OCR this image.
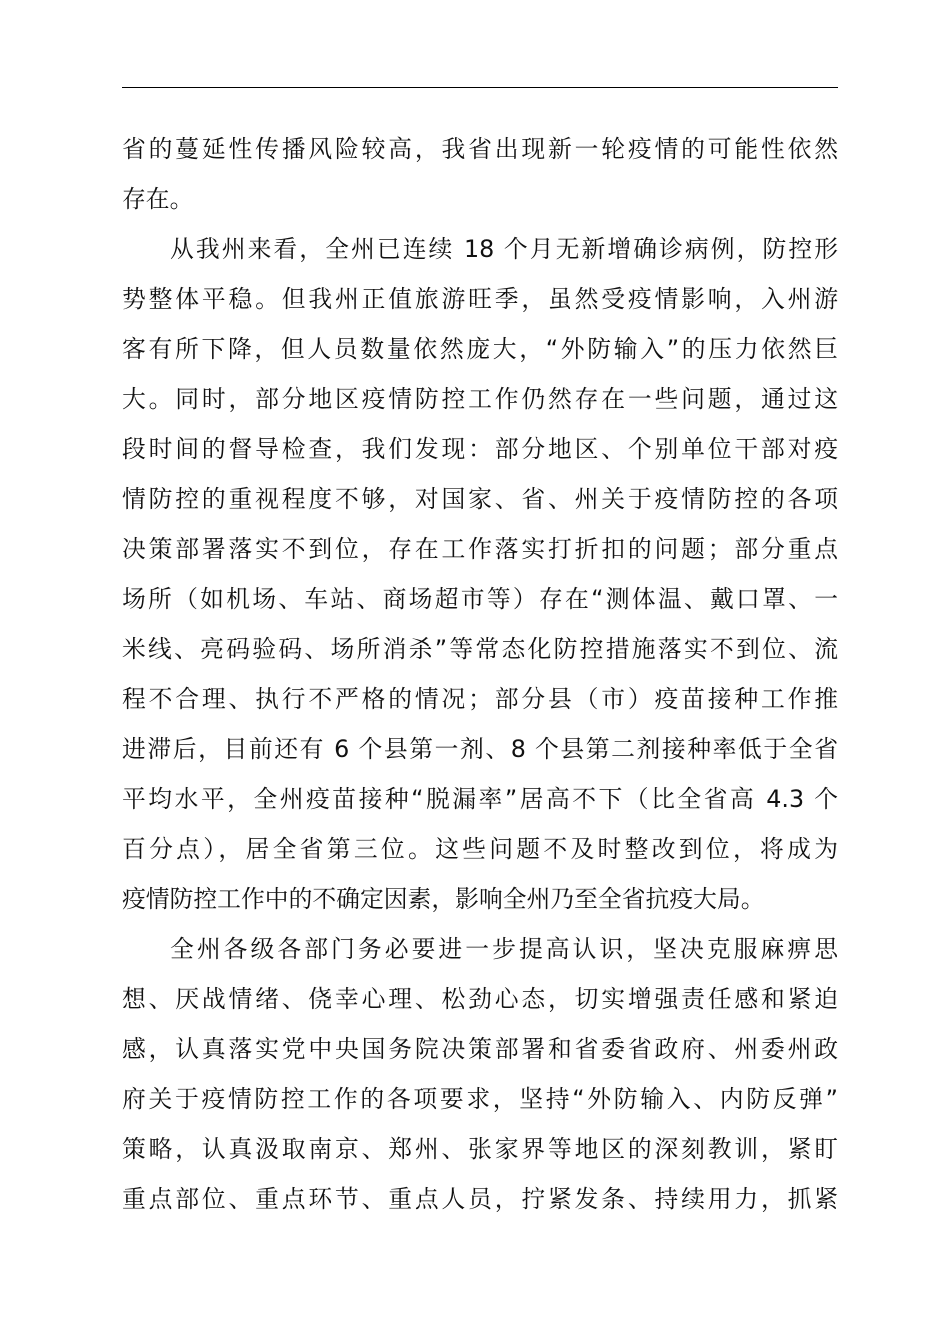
省的蔓延性传播风险较高，我省出现新一轮疫情的可能性依然
存在。
从我州来看，全州已连续 18 个月无新增确诊病例，防控形
势整体平稳。但我州正值旅游旺季，虽然受疫情影响，入州游
客有所下降，但人员数量依然庞大，“外防输入”的压力依然巨
大。同时，部分地区疫情防控工作仍然存在一些问题，通过这
段时间的督导检查，我们发现：部分地区、个别单位干部对疫
情防控的重视程度不够，对国家、省、州关于疫情防控的各项
决策部署落实不到位，存在工作落实打折扣的问题；部分重点
场所（如机场、车站、商场超市等）存在“测体温、戴口罩、一
米线、亮码验码、场所消杀”等常态化防控措施落实不到位、流
程不合理、执行不严格的情况；部分县（市）疫苗接种工作推
进滞后，目前还有 6 个县第一剂、8 个县第二剂接种率低于全省
平均水平，全州疫苗接种“脱漏率”居高不下（比全省高 4.3 个
百分点），居全省第三位。这些问题不及时整改到位，将成为
疫情防控工作中的不确定因素，影响全州乃至全省抗疫大局。
全州各级各部门务必要进一步提高认识，坚决克服麻痹思
想、厌战情绪、侥幸心理、松劲心态，切实增强责任感和紧迫
感，认真落实党中央国务院决策部署和省委省政府、州委州政
府关于疫情防控工作的各项要求，坚持“外防输入、内防反弹”
策略，认真汲取南京、郑州、张家界等地区的深刻教训，紧盯
重点部位、重点环节、重点人员，拧紧发条、持续用力，抓紧
